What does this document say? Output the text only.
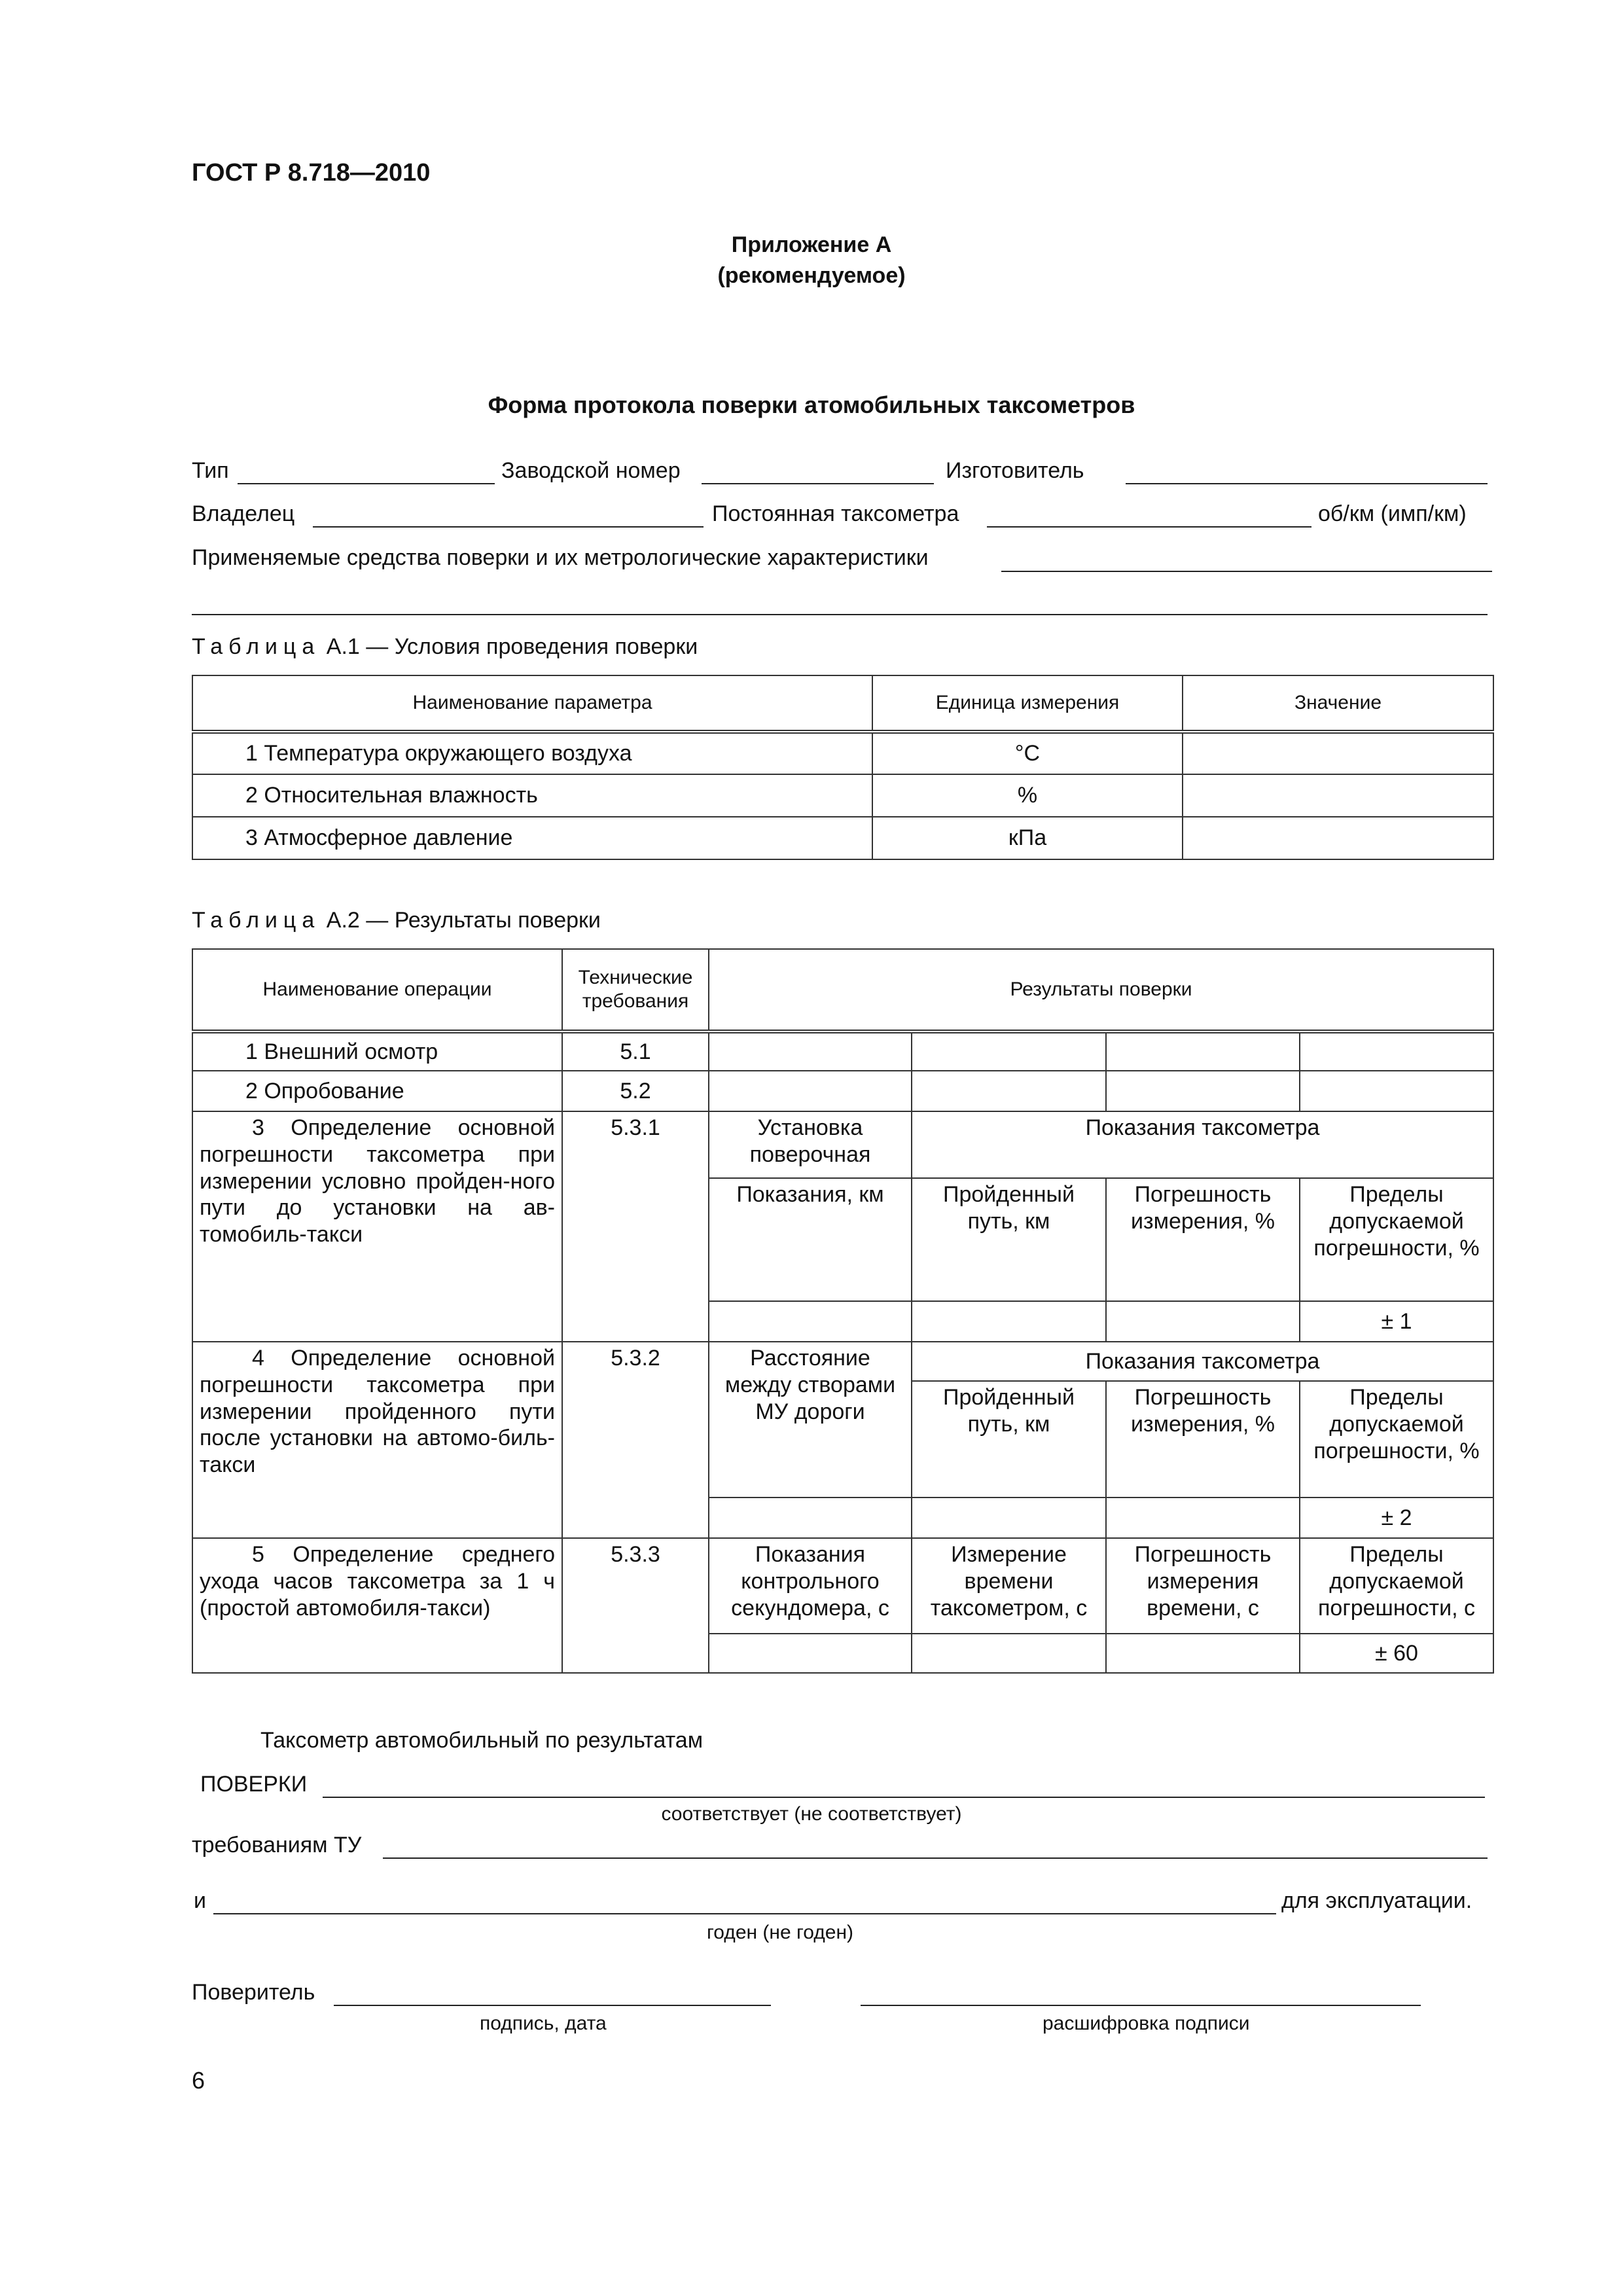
ГОСТ Р 8.718—2010
Приложение А
(рекомендуемое)
Форма протокола поверки атомобильных таксометров
Тип	Заводской номер	Изготовитель
Владелец	Постоянная таксометра	об/км (имп/км)
Применяемые средства поверки и их метрологические характеристики
Таблица А.1 — Условия проведения поверки
Наименование параметра	Единица измерения	Значение
1 Температура окружающего воздуха	°С	
2 Относительная влажность	%	
3 Атмосферное давление	кПа	
Таблица А.2 — Результаты поверки
Наименование операции	Технические требования	Результаты поверки			
1 Внешний осмотр	5.1				
2 Опробование	5.2				
3 Определение основной погрешности таксометра при измерении условно пройден-ного пути до установки на ав-томобиль-такси	5.3.1	Установка поверочная	Показания таксометра		
		Показания, км	Пройденный путь, км	Погрешность измерения, %	Пределы допускаемой погрешности, %
					± 1
4 Определение основной погрешности таксометра при измерении пройденного пути после установки на автомо-биль-такси	5.3.2	Расстояние между створами МУ дороги	Показания таксометра		
			Пройденный путь, км	Погрешность измерения, %	Пределы допускаемой погрешности, %
					± 2
5 Определение среднего ухода часов таксометра за 1 ч (простой автомобиля-такси)	5.3.3	Показания контрольного секундомера, с	Измерение времени таксометром, с	Погрешность измерения времени, с	Пределы допускаемой погрешности, с
					± 60
Таксометр автомобильный по результатам
ПОВЕРКИ
соответствует (не соответствует)
требованиям ТУ
и	для эксплуатации.
годен (не годен)
Поверитель
подпись, дата	расшифровка подписи
6
